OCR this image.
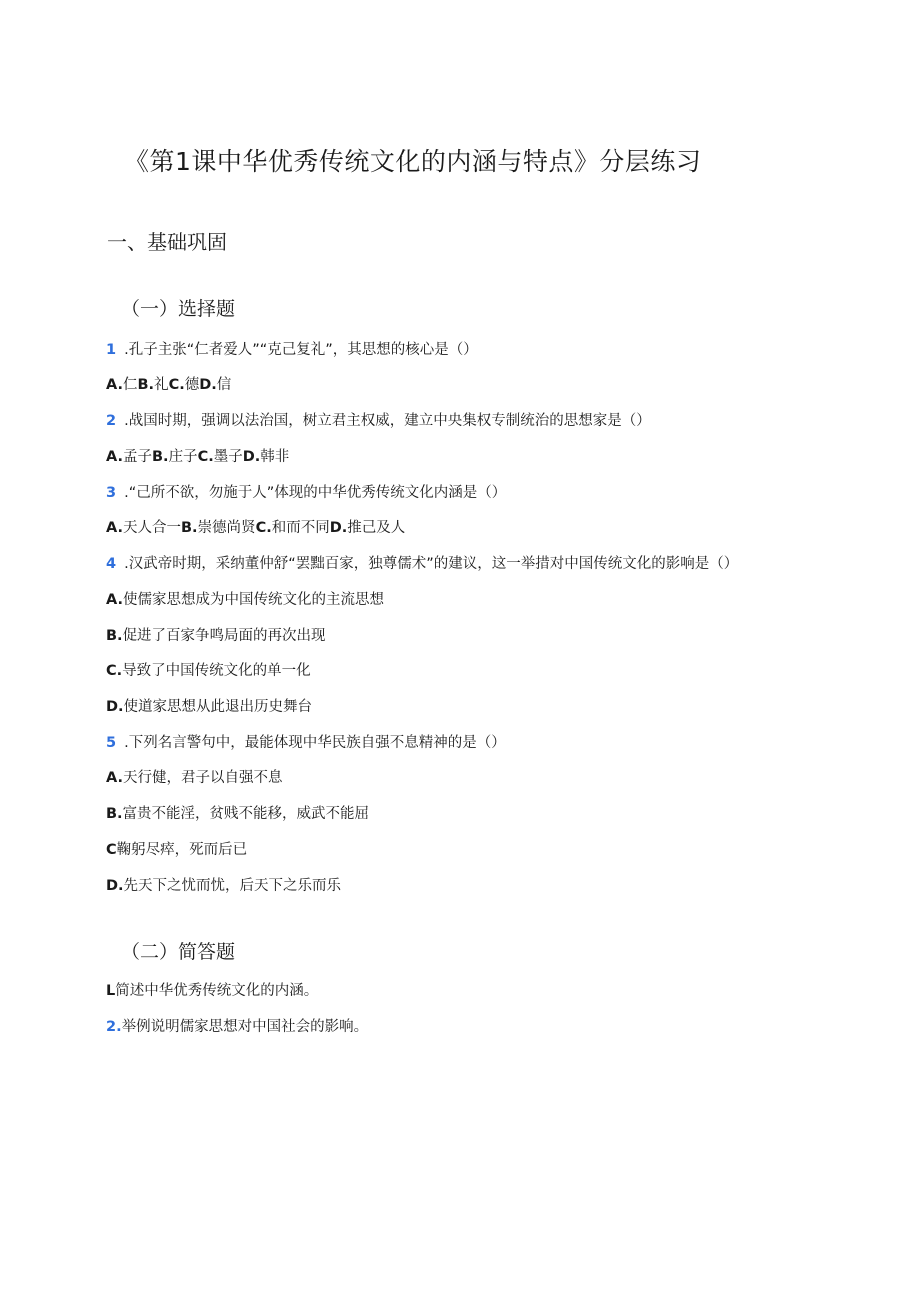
《第1课中华优秀传统文化的内涵与特点》分层练习
一、基础巩固
（一）选择题
1 .孔子主张“仁者爱人”“克己复礼”，其思想的核心是（）
A.仁B.礼C.德D.信
2 .战国时期，强调以法治国，树立君主权威，建立中央集权专制统治的思想家是（）
A.孟子B.庄子C.墨子D.韩非
3 .“己所不欲，勿施于人”体现的中华优秀传统文化内涵是（）
A.天人合一B.崇德尚贤C.和而不同D.推己及人
4 .汉武帝时期，采纳董仲舒“罢黜百家，独尊儒术”的建议，这一举措对中国传统文化的影响是（）
A.使儒家思想成为中国传统文化的主流思想
B.促进了百家争鸣局面的再次出现
C.导致了中国传统文化的单一化
D.使道家思想从此退出历史舞台
5 .下列名言警句中，最能体现中华民族自强不息精神的是（）
A.天行健，君子以自强不息
B.富贵不能淫，贫贱不能移，威武不能屈
C鞠躬尽瘁，死而后已
D.先天下之忧而忧，后天下之乐而乐
（二）简答题
L简述中华优秀传统文化的内涵。
2.举例说明儒家思想对中国社会的影响。
